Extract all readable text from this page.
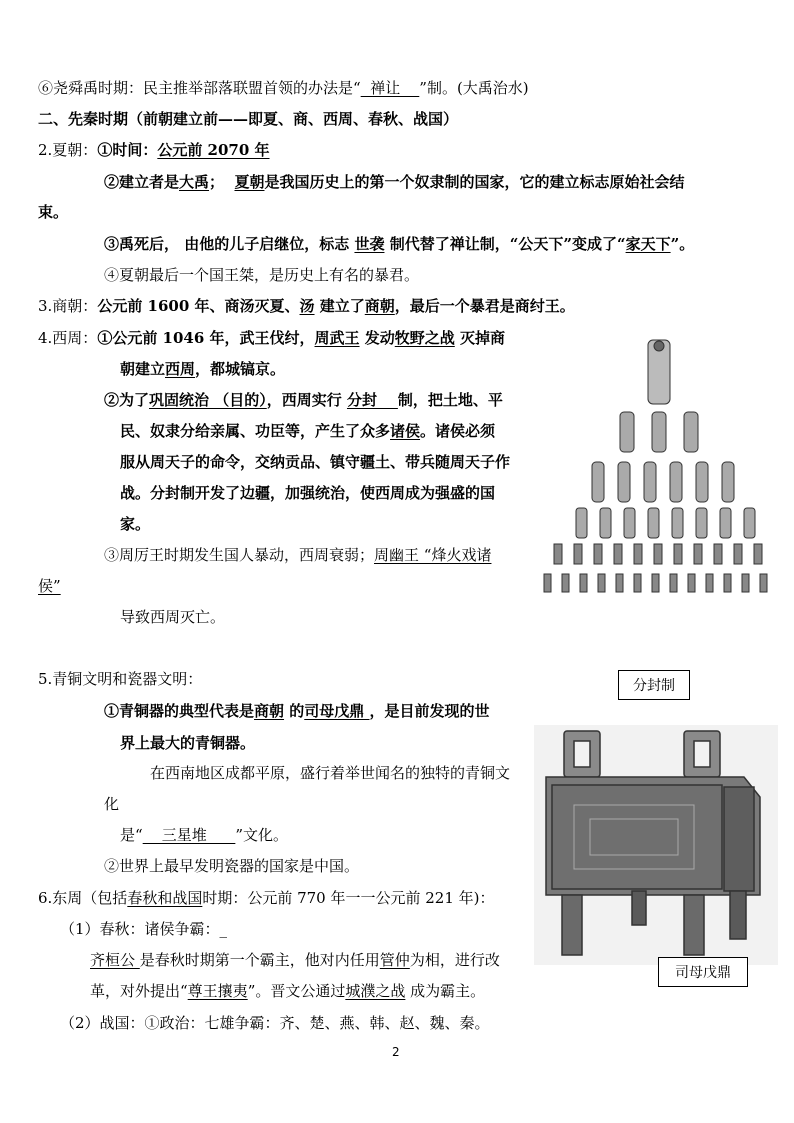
⑥尧舜禹时期：民主推举部落联盟首领的办法是“  禅让    ”制。(大禹治水)
二、先秦时期（前朝建立前——即夏、商、西周、春秋、战国）
2.夏朝：①时间：公元前 2070 年
②建立者是大禹；  夏朝是我国历史上的第一个奴隶制的国家，它的建立标志原始社会结
束。
③禹死后， 由他的儿子启继位，标志 世袭 制代替了禅让制，“公天下”变成了“家天下”。
④夏朝最后一个国王桀，是历史上有名的暴君。
3.商朝：公元前 1600 年、商汤灭夏、汤 建立了商朝，最后一个暴君是商纣王。
4.西周：①公元前 1046 年，武王伐纣，周武王 发动牧野之战 灭掉商
朝建立西周，都城镐京。
②为了巩固统治 （目的），西周实行 分封    制，把土地、平
民、奴隶分给亲属、功臣等，产生了众多诸侯。诸侯必须
服从周天子的命令，交纳贡品、镇守疆土、带兵随周天子作
战。分封制开发了边疆，加强统治，使西周成为强盛的国
家。
③周厉王时期发生国人暴动，西周衰弱；周幽王 “烽火戏诸
侯”
导致西周灭亡。
分封制
5.青铜文明和瓷器文明：
①青铜器的典型代表是商朝 的司母戊鼎 ，是目前发现的世
界上最大的青铜器。
在西南地区成都平原，盛行着举世闻名的独特的青铜文
化
是“    三星堆      ”文化。
②世界上最早发明瓷器的国家是中国。
司母戊鼎
6.东周（包括春秋和战国时期：公元前 770 年一一公元前 221 年)：
（1）春秋：诸侯争霸：_
齐桓公 是春秋时期第一个霸主，他对内任用管仲为相，进行改
革，对外提出“尊王攘夷”。晋文公通过城濮之战 成为霸主。
（2）战国：①政治：七雄争霸：齐、楚、燕、韩、赵、魏、秦。
2
